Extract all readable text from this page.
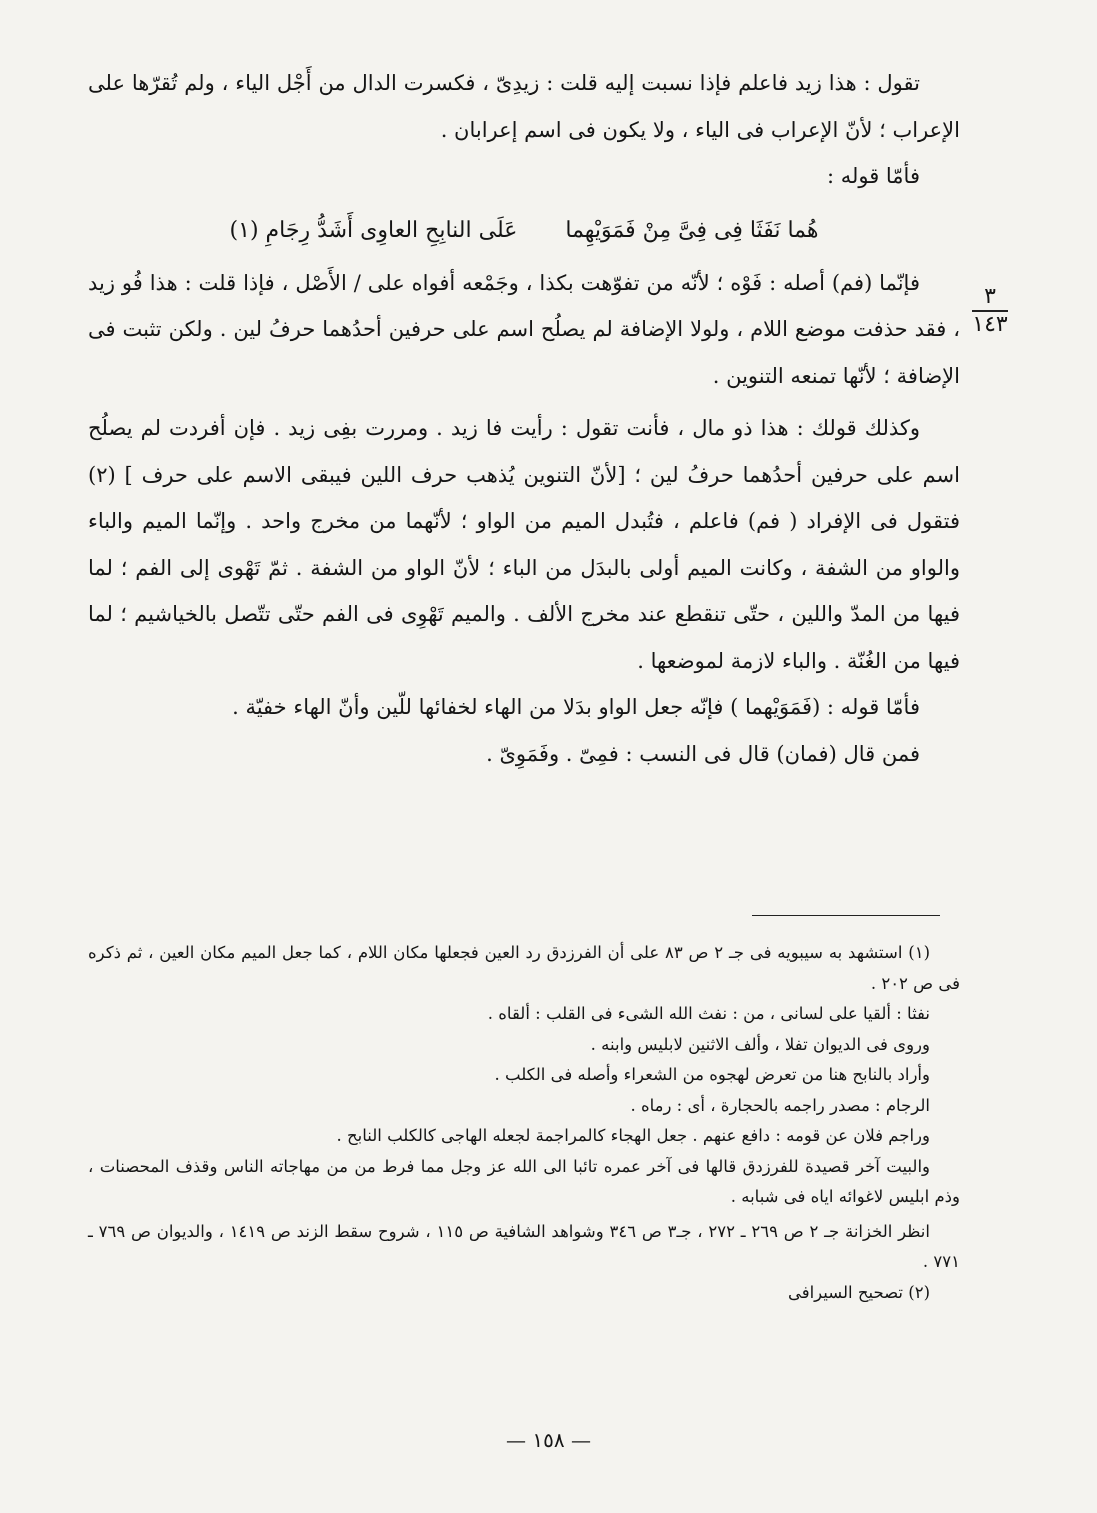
تقول : هذا زيد فاعلم فإذا نسبت إليه قلت : زيدِىّ ، فكسرت الدال من أَجْل الياء ، ولم تُقرّها على الإعراب ؛ لأنّ الإعراب فى الياء ، ولا يكون فى اسم إعرابان .

فأمّا قوله :

هُما نَفَثَا فِى فِىَّ مِنْ فَمَوَيْهِما
عَلَى النابِحِ العاوِى أَشَدُّ رِجَامِ (١)

فإنّما (فم) أصله : فَوْه ؛ لأنّه من تفوّهت بكذا ، وجَمْعه أفواه على / الأَصْل ، فإذا قلت : هذا فُو زيد ، فقد حذفت موضع اللام ، ولولا الإضافة لم يصلُح اسم على حرفين أحدُهما حرفُ لين . ولكن تثبت فى الإضافة ؛ لأنّها تمنعه التنوين .

وكذلك قولك : هذا ذو مال ، فأنت تقول : رأيت فا زيد . ومررت بفِى زيد . فإن أفردت لم يصلُح اسم على حرفين أحدُهما حرفُ لين ؛ [لأنّ التنوين يُذهب حرف اللين فيبقى الاسم على حرف ] (٢) فتقول فى الإفراد ( فم) فاعلم ، فتُبدل الميم من الواو ؛ لأنّهما من مخرج واحد . وإنّما الميم والباء والواو من الشفة ، وكانت الميم أولى بالبدَل من الباء ؛ لأنّ الواو من الشفة . ثمّ تَهْوى إلى الفم ؛ لما فيها من المدّ واللين ، حتّى تنقطع عند مخرج الألف . والميم تَهْوِى فى الفم حتّى تتّصل بالخياشيم ؛ لما فيها من الغُنّة . والباء لازمة لموضعها .

فأمّا قوله : (فَمَوَيْهما ) فإنّه جعل الواو بدَلا من الهاء لخفائها للّين وأنّ الهاء خفيّة .

فمن قال (فمان) قال فى النسب : فمِىّ . وفَمَوِىّ .

٣
١٤٣

(١) استشهد به سيبويه فى جـ ٢ ص ٨٣ على أن الفرزدق رد العين فجعلها مكان اللام ، كما جعل الميم مكان العين ، ثم ذكره فى ص ٢٠٢ .

نفثا : ألقيا على لسانى ، من : نفث الله الشىء فى القلب : ألقاه .

وروى فى الديوان تفلا ، وألف الاثنين لابليس وابنه .

وأراد بالنابح هنا من تعرض لهجوه من الشعراء وأصله فى الكلب .

الرجام : مصدر راجمه بالحجارة ، أى : رماه .

وراجم فلان عن قومه : دافع عنهم . جعل الهجاء كالمراجمة لجعله الهاجى كالكلب النابح .

والبيت آخر قصيدة للفرزدق قالها فى آخر عمره تائبا الى الله عز وجل مما فرط من من مهاجاته الناس وقذف المحصنات ، وذم ابليس لاغوائه اياه فى شبابه .

انظر الخزانة جـ ٢ ص ٢٦٩ ـ ٢٧٢ ، جـ٣ ص ٣٤٦ وشواهد الشافية ص ١١٥ ، شروح سقط الزند ص ١٤١٩ ، والديوان ص ٧٦٩ ـ ٧٧١ .

(٢) تصحيح السيرافى

— ١٥٨ —
